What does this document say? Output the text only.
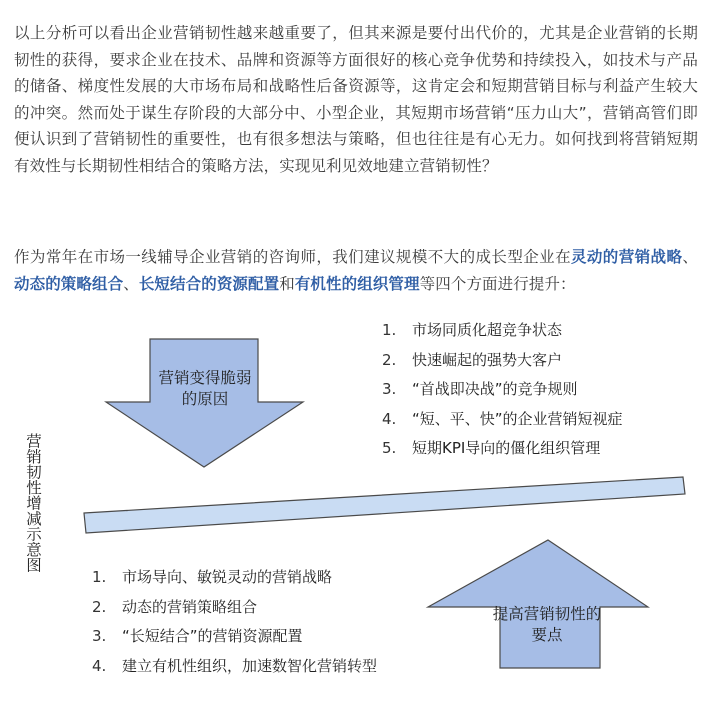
以上分析可以看出企业营销韧性越来越重要了，但其来源是要付出代价的，尤其是企业营销的长期韧性的获得，要求企业在技术、品牌和资源等方面很好的核心竞争优势和持续投入，如技术与产品的储备、梯度性发展的大市场布局和战略性后备资源等，这肯定会和短期营销目标与利益产生较大的冲突。然而处于谋生存阶段的大部分中、小型企业，其短期市场营销“压力山大”，营销高管们即便认识到了营销韧性的重要性，也有很多想法与策略，但也往往是有心无力。如何找到将营销短期有效性与长期韧性相结合的策略方法，实现见利见效地建立营销韧性？

作为常年在市场一线辅导企业营销的咨询师，我们建议规模不大的成长型企业在灵动的营销战略、动态的策略组合、长短结合的资源配置和有机性的组织管理等四个方面进行提升：

营销变得脆弱的原因
提高营销韧性的要点
营销韧性增减示意图
1. 市场同质化超竞争状态
2. 快速崛起的强势大客户
3. “首战即决战”的竞争规则
4. “短、平、快”的企业营销短视症
5. 短期KPI导向的僵化组织管理
1. 市场导向、敏锐灵动的营销战略
2. 动态的营销策略组合
3. “长短结合”的营销资源配置
4. 建立有机性组织，加速数智化营销转型
